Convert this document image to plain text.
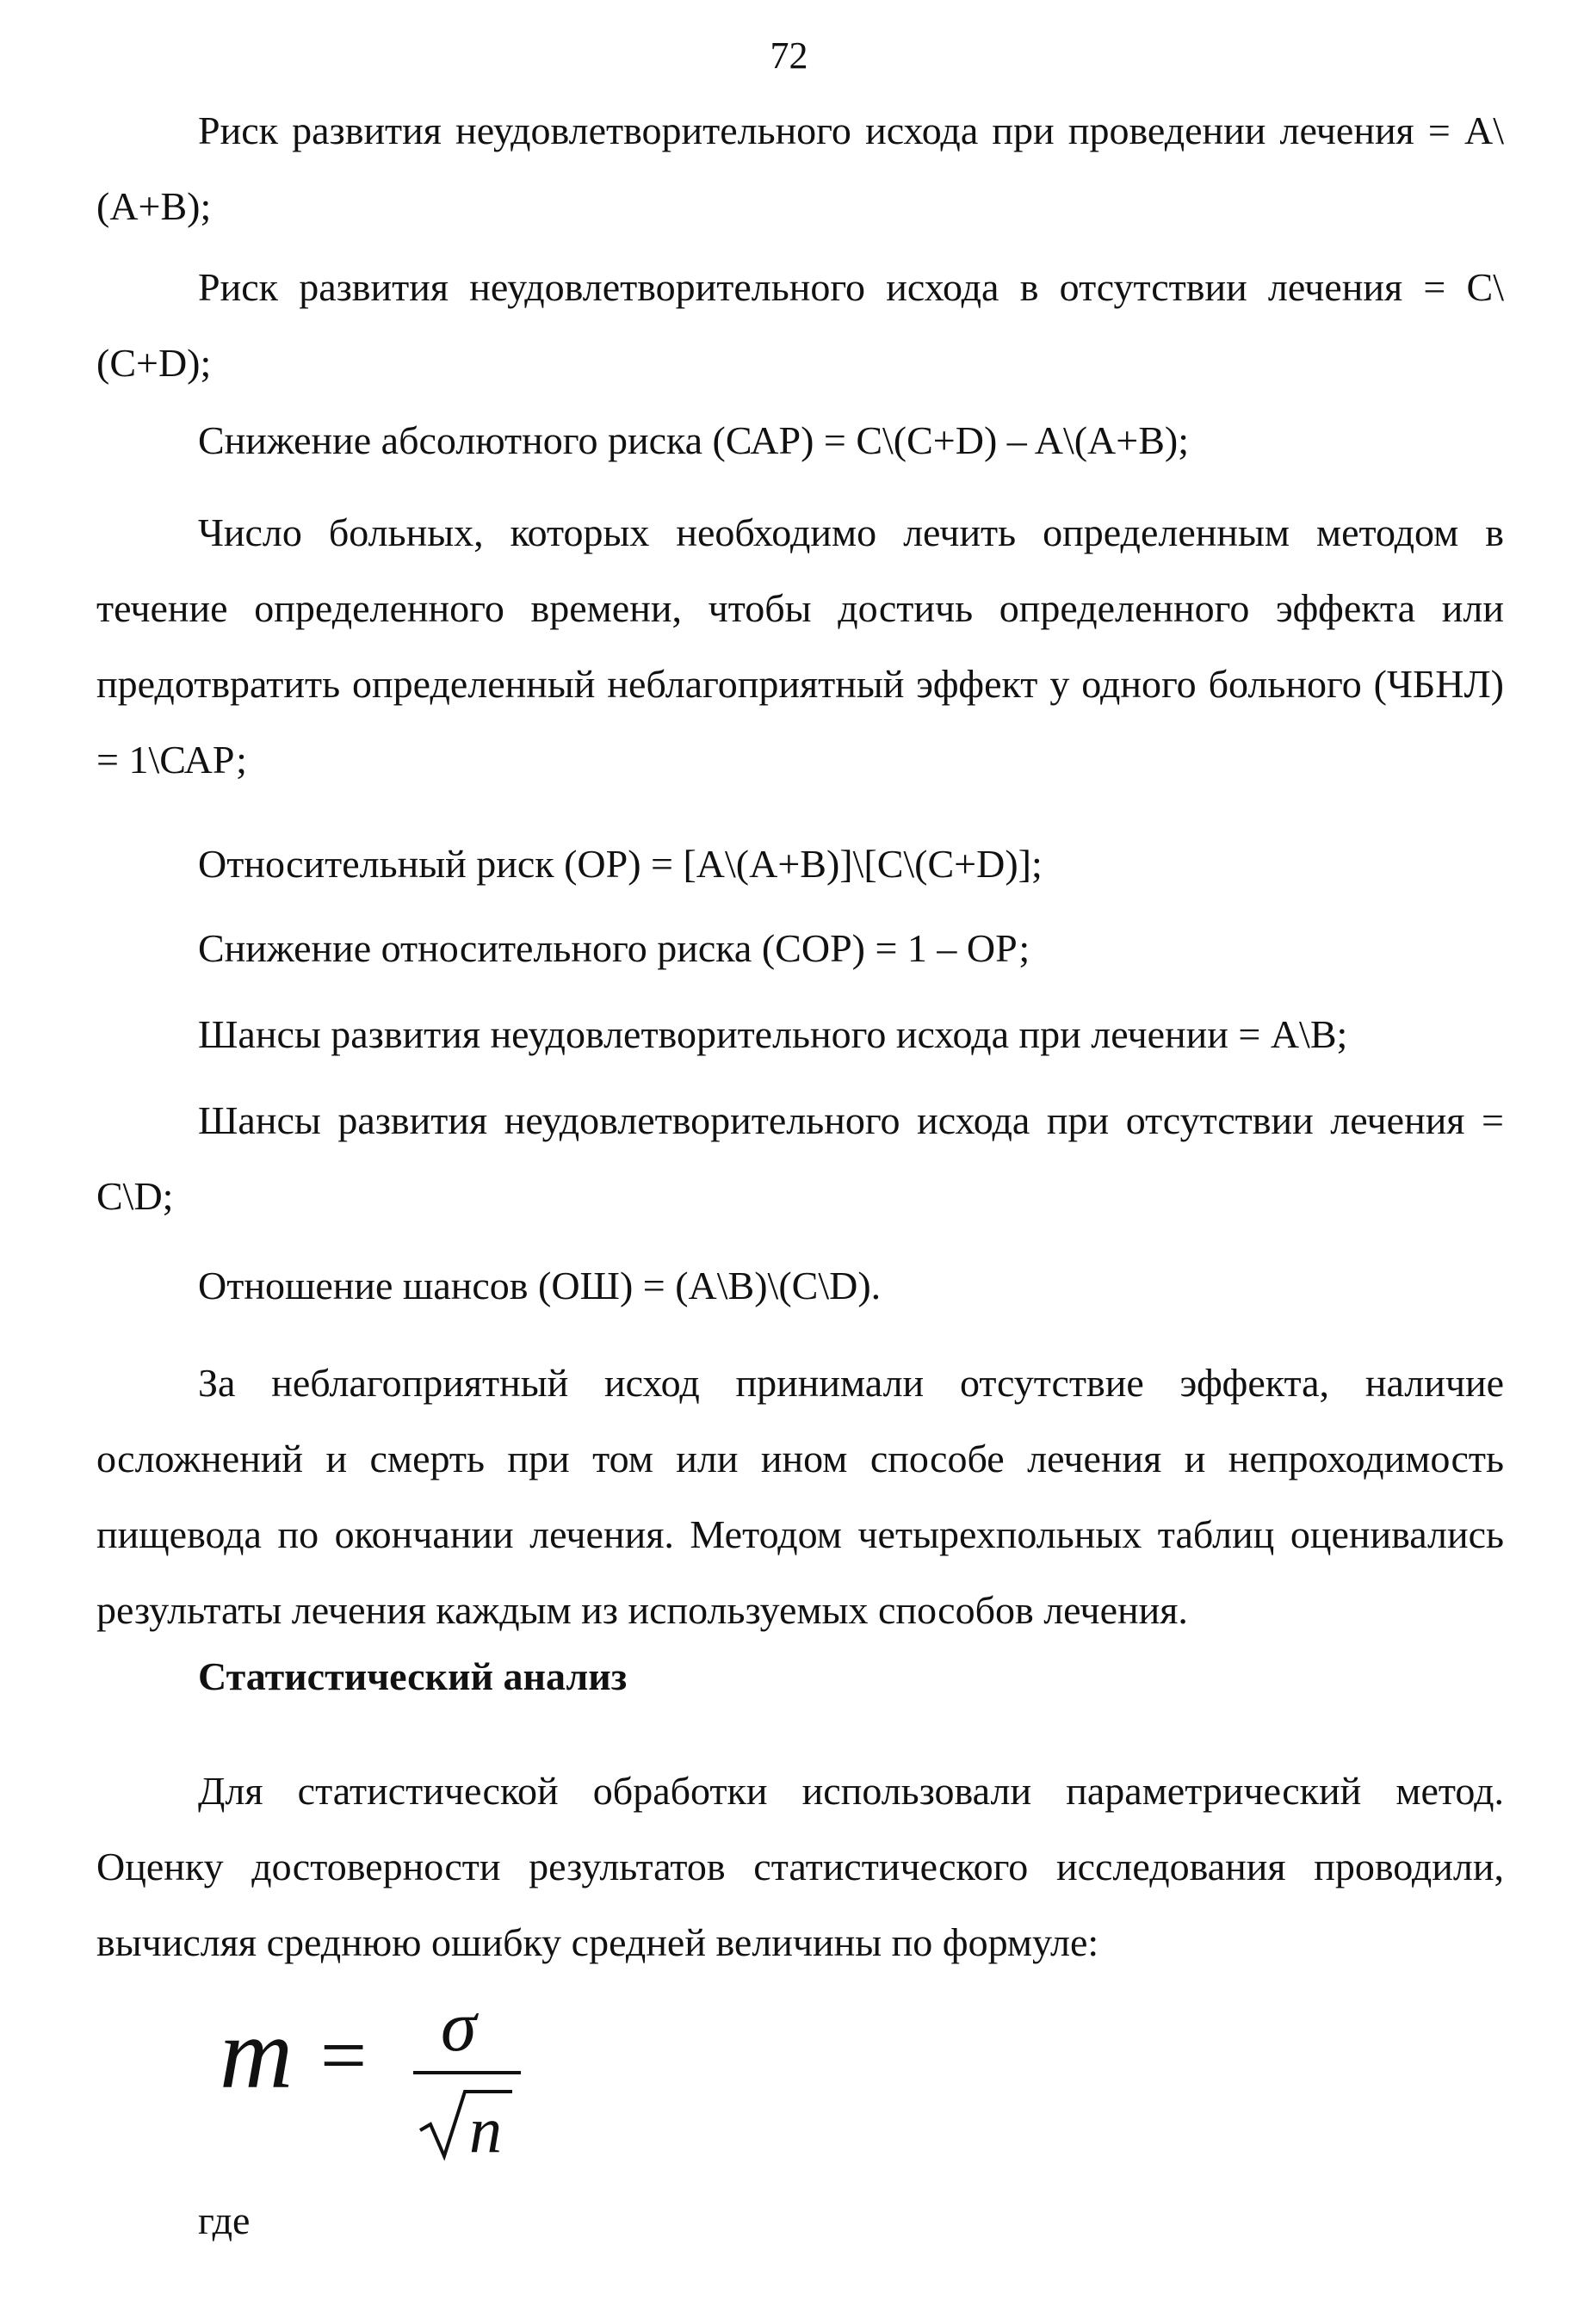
72
Риск развития неудовлетворительного исхода при проведении лечения = A\(A+B);
Риск развития неудовлетворительного исхода в отсутствии лечения = C\(C+D);
Снижение абсолютного риска (САР) = C\(C+D) – A\(A+B);
Число больных, которых необходимо лечить определенным методом в течение определенного времени, чтобы достичь определенного эффекта или предотвратить определенный неблагоприятный эффект у одного больного (ЧБНЛ) = 1\САР;
Относительный риск (ОР) = [A\(A+B)]\[C\(C+D)];
Снижение относительного риска (СОР) = 1 – ОР;
Шансы развития неудовлетворительного исхода при лечении = A\B;
Шансы развития неудовлетворительного исхода при отсутствии лечения = C\D;
Отношение шансов (ОШ) = (A\B)\(C\D).
За неблагоприятный исход принимали отсутствие эффекта, наличие осложнений и смерть при том или ином способе лечения и непроходимость пищевода по окончании лечения. Методом четырехпольных таблиц оценивались результаты лечения каждым из используемых способов лечения.
Статистический анализ
Для статистической обработки использовали параметрический метод. Оценку достоверности результатов статистического исследования проводили, вычисляя среднюю ошибку средней величины по формуле:
m = σ
n
где
